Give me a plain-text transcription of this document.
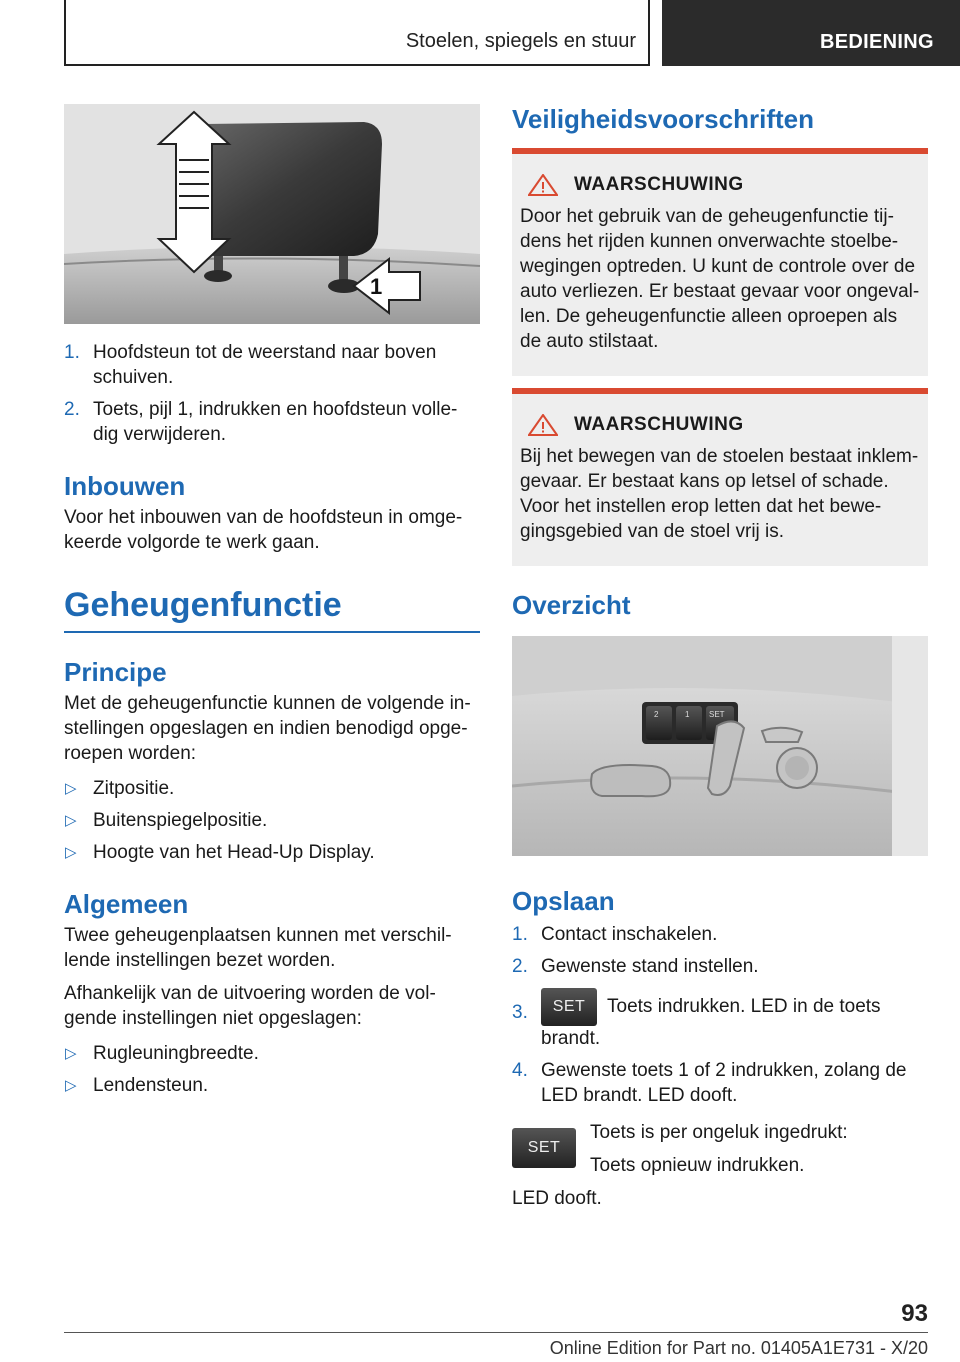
Stoelen, spiegels en stuur	BEDIENING
1
1. Hoofdsteun tot de weerstand naar boven schuiven.
2. Toets, pijl 1, indrukken en hoofdsteun volle-dig verwijderen.
Inbouwen
Voor het inbouwen van de hoofdsteun in omge-keerde volgorde te werk gaan.
Geheugenfunctie
Principe
Met de geheugenfunctie kunnen de volgende in-stellingen opgeslagen en indien benodigd opge-roepen worden:
▷ Zitpositie.
▷ Buitenspiegelpositie.
▷ Hoogte van het Head-Up Display.
Algemeen
Twee geheugenplaatsen kunnen met verschil-lende instellingen bezet worden.
Afhankelijk van de uitvoering worden de vol-gende instellingen niet opgeslagen:
▷ Rugleuningbreedte.
▷ Lendensteun.
Veiligheidsvoorschriften
WAARSCHUWING
Door het gebruik van de geheugenfunctie tij-dens het rijden kunnen onverwachte stoelbe-wegingen optreden. U kunt de controle over de auto verliezen. Er bestaat gevaar voor ongeval-len. De geheugenfunctie alleen oproepen als de auto stilstaat.
WAARSCHUWING
Bij het bewegen van de stoelen bestaat inklem-gevaar. Er bestaat kans op letsel of schade. Voor het instellen erop letten dat het bewe-gingsgebied van de stoel vrij is.
Overzicht
2	1 SET
Opslaan
1. Contact inschakelen.
2. Gewenste stand instellen.
3. SET Toets indrukken. LED in de toets brandt.
4. Gewenste toets 1 of 2 indrukken, zolang de LED brandt. LED dooft.
SET
Toets is per ongeluk ingedrukt:
Toets opnieuw indrukken.
LED dooft.
93
Online Edition for Part no. 01405A1E731 - X/20
